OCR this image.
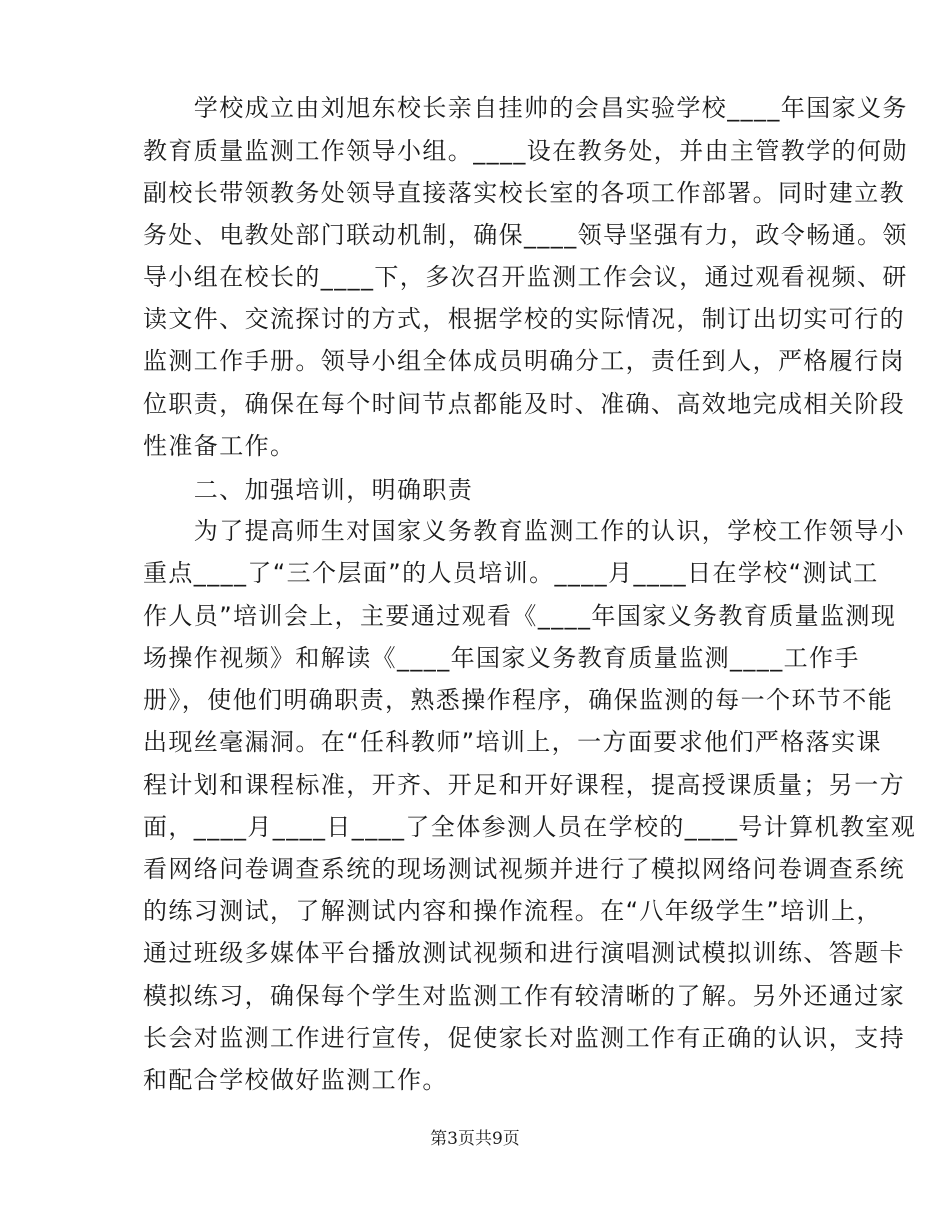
　　学校成立由刘旭东校长亲自挂帅的会昌实验学校____年国家义务
教育质量监测工作领导小组。____设在教务处，并由主管教学的何勋
副校长带领教务处领导直接落实校长室的各项工作部署。同时建立教
务处、电教处部门联动机制，确保____领导坚强有力，政令畅通。领
导小组在校长的____下，多次召开监测工作会议，通过观看视频、研
读文件、交流探讨的方式，根据学校的实际情况，制订出切实可行的
监测工作手册。领导小组全体成员明确分工，责任到人，严格履行岗
位职责，确保在每个时间节点都能及时、准确、高效地完成相关阶段
性准备工作。
　　二、加强培训，明确职责
　　为了提高师生对国家义务教育监测工作的认识，学校工作领导小
重点____了“三个层面”的人员培训。____月____日在学校“测试工
作人员”培训会上，主要通过观看《____年国家义务教育质量监测现
场操作视频》和解读《____年国家义务教育质量监测____工作手
册》，使他们明确职责，熟悉操作程序，确保监测的每一个环节不能
出现丝毫漏洞。在“任科教师”培训上，一方面要求他们严格落实课
程计划和课程标准，开齐、开足和开好课程，提高授课质量；另一方
面，____月____日____了全体参测人员在学校的____号计算机教室观
看网络问卷调查系统的现场测试视频并进行了模拟网络问卷调查系统
的练习测试，了解测试内容和操作流程。在“八年级学生”培训上，
通过班级多媒体平台播放测试视频和进行演唱测试模拟训练、答题卡
模拟练习，确保每个学生对监测工作有较清晰的了解。另外还通过家
长会对监测工作进行宣传，促使家长对监测工作有正确的认识，支持
和配合学校做好监测工作。
第3页共9页
